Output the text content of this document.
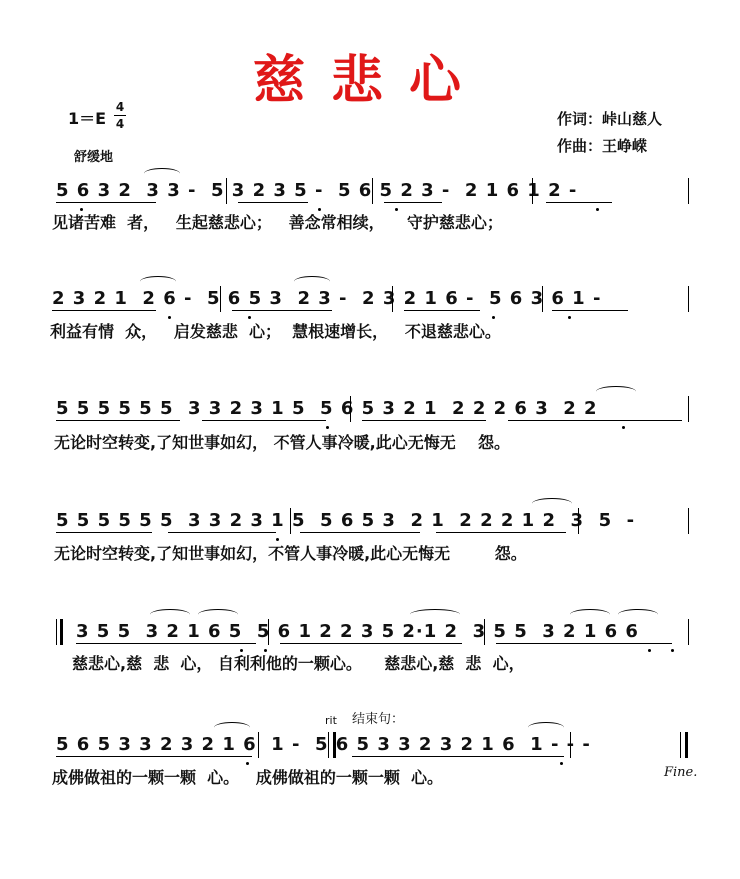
慈悲心
1＝E
4
4
舒缓地
作词：峠山慈人
作曲：王峥嵘
5 6 3 2  3 3 -  5 3 2 3 5 -  5 6 5 2 3 -  2 1 6 1 2 -
见诸苦难  者，   生起慈悲心；   善念常相续，    守护慈悲心；
2 3 2 1  2 6 -  5 6 5 3  2 3 -  2 3 2 1 6 -  5 6 3 6 1 -
利益有情  众，   启发慈悲  心；  慧根速增长，   不退慈悲心。
5 5 5 5 5 5  3 3 2 3 1 5  5 6 5 3 2 1  2 2 2 6 3  2 2
无论时空转变,了知世事如幻， 不管人事冷暖,此心无悔无    怨。
5 5 5 5 5 5  3 3 2 3 1 5  5 6 5 3  2 1  2 2 2 1 2  3  5  -
无论时空转变,了知世事如幻，不管人事冷暖,此心无悔无        怨。
3 5 5  3 2 1 6 5  5 6 1 2 2 3 5 2·1 2  3 5 5  3 2 1 6 6
慈悲心,慈  悲  心， 自利利他的一颗心。    慈悲心,慈  悲  心，
5 6 5 3 3 2 3 2 1 6  1 -  5 6 5 3 3 2 3 2 1 6  1 - - -
成佛做祖的一颗一颗  心。   成佛做祖的一颗一颗  心。
rit 结束句：
Fine.
